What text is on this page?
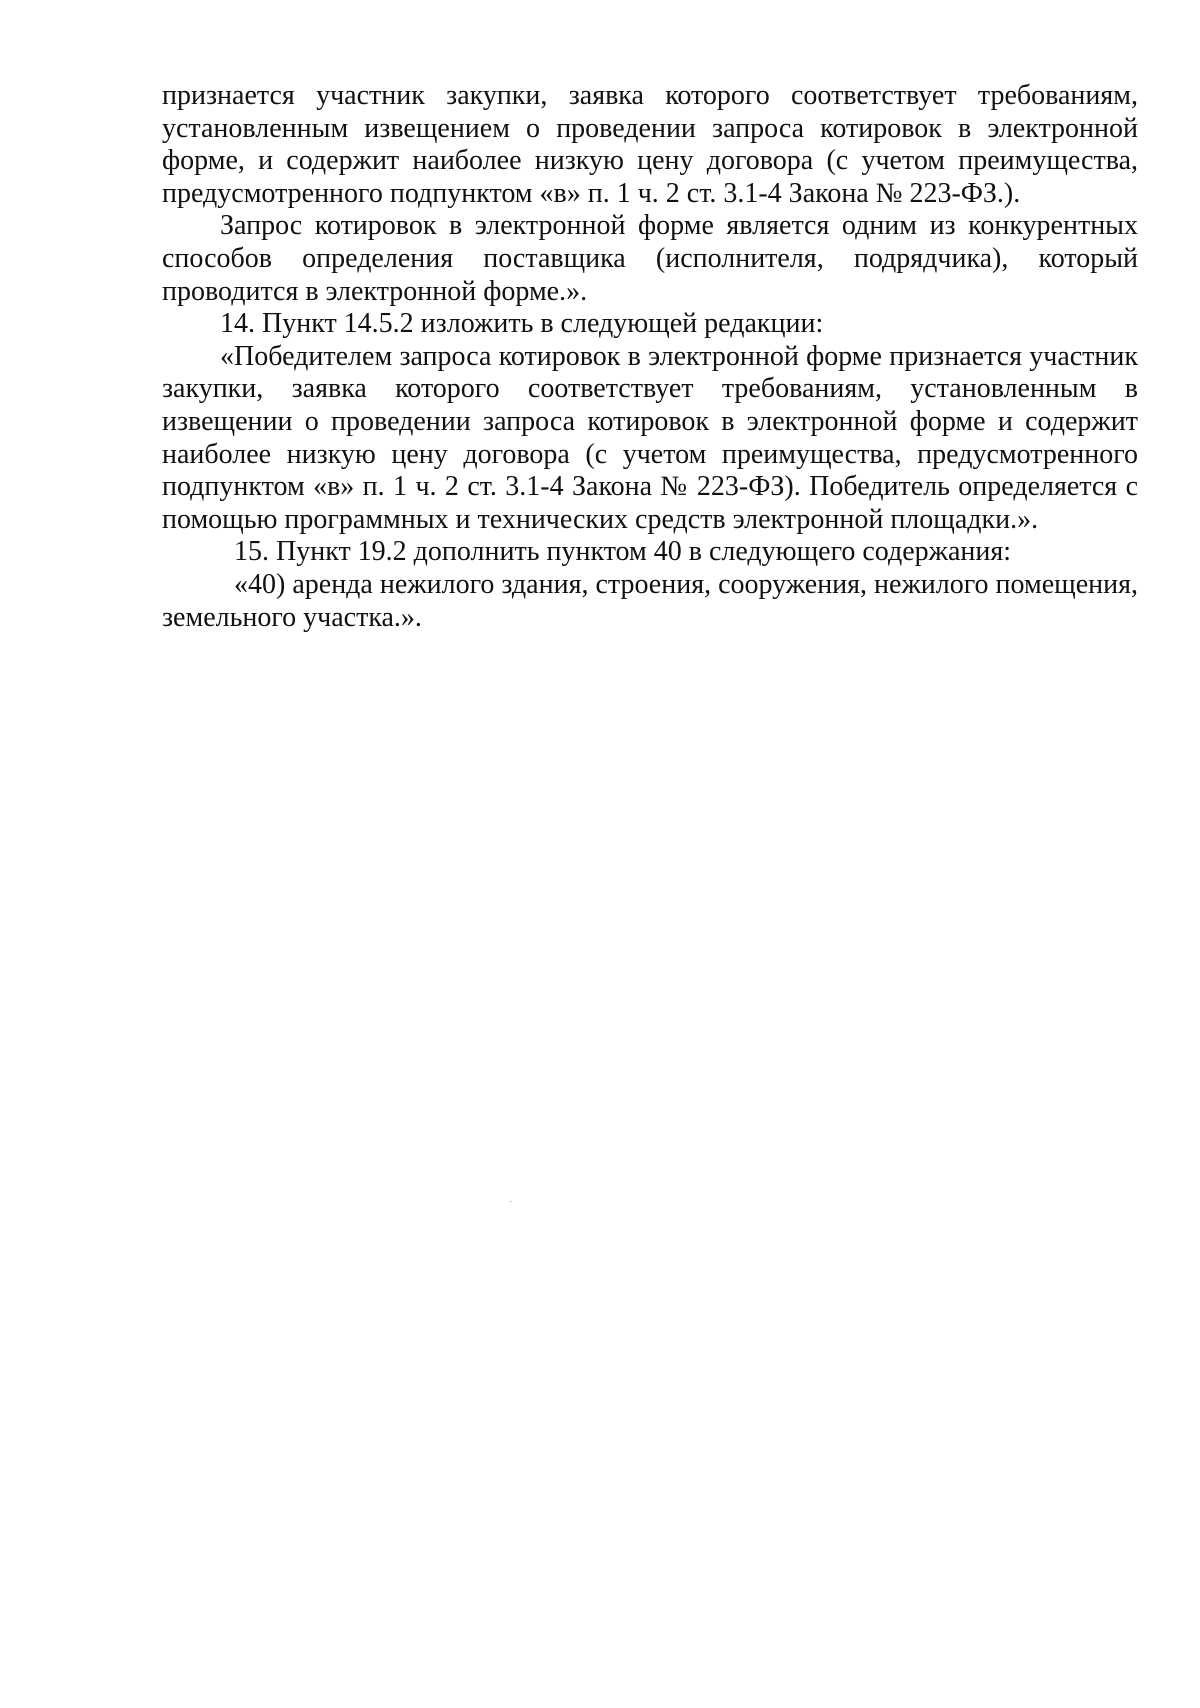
признается участник закупки, заявка которого соответствует требованиям, установленным извещением о проведении запроса котировок в электронной форме, и содержит наиболее низкую цену договора (с учетом преимущества, предусмотренного подпунктом «в» п. 1 ч. 2 ст. 3.1-4 Закона № 223-ФЗ.).

Запрос котировок в электронной форме является одним из конкурентных способов определения поставщика (исполнителя, подрядчика), который проводится в электронной форме.».

14. Пункт 14.5.2 изложить в следующей редакции:

«Победителем запроса котировок в электронной форме признается участник закупки, заявка которого соответствует требованиям, установленным в извещении о проведении запроса котировок в электронной форме и содержит наиболее низкую цену договора (с учетом преимущества, предусмотренного подпунктом «в» п. 1 ч. 2 ст. 3.1-4 Закона № 223-ФЗ). Победитель определяется с помощью программных и технических средств электронной площадки.».

15. Пункт 19.2 дополнить пунктом 40 в следующего содержания:

«40) аренда нежилого здания, строения, сооружения, нежилого помещения, земельного участка.».
